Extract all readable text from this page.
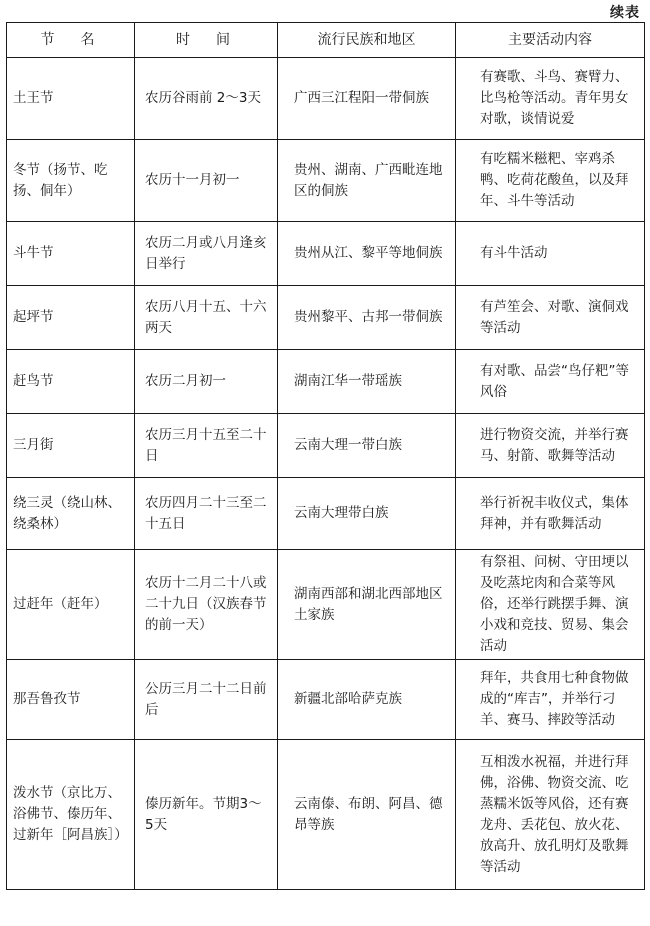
续表
节　名	时　间	流行民族和地区	主要活动内容
土王节	农历谷雨前 2～3天	广西三江程阳一带侗族	有赛歌、斗鸟、赛臂力、比鸟枪等活动。青年男女对歌，谈情说爱
冬节（扬节、吃扬、侗年）	农历十一月初一	贵州、湖南、广西毗连地区的侗族	有吃糯米糍粑、宰鸡杀鸭、吃荷花酸鱼，以及拜年、斗牛等活动
斗牛节	农历二月或八月逢亥日举行	贵州从江、黎平等地侗族	有斗牛活动
起坪节	农历八月十五、十六两天	贵州黎平、古邦一带侗族	有芦笙会、对歌、演侗戏等活动
赶鸟节	农历二月初一	湖南江华一带瑶族	有对歌、品尝“鸟仔粑”等风俗
三月街	农历三月十五至二十日	云南大理一带白族	进行物资交流，并举行赛马、射箭、歌舞等活动
绕三灵（绕山林、绕桑林）	农历四月二十三至二十五日	云南大理带白族	举行祈祝丰收仪式，集体拜神，并有歌舞活动
过赶年（赶年）	农历十二月二十八或二十九日（汉族春节的前一天）	湖南西部和湖北西部地区土家族	有祭祖、问树、守田埂以及吃蒸坨肉和合菜等风俗，还举行跳摆手舞、演小戏和竞技、贸易、集会活动
那吾鲁孜节	公历三月二十二日前后	新疆北部哈萨克族	拜年，共食用七种食物做成的“库吉”，并举行刁羊、赛马、摔跤等活动
泼水节（京比万、浴佛节、傣历年、过新年［阿昌族］）	傣历新年。节期3～5天	云南傣、布朗、阿昌、德昂等族	互相泼水祝福，并进行拜佛，浴佛、物资交流、吃蒸糯米饭等风俗，还有赛龙舟、丢花包、放火花、放高升、放孔明灯及歌舞等活动
